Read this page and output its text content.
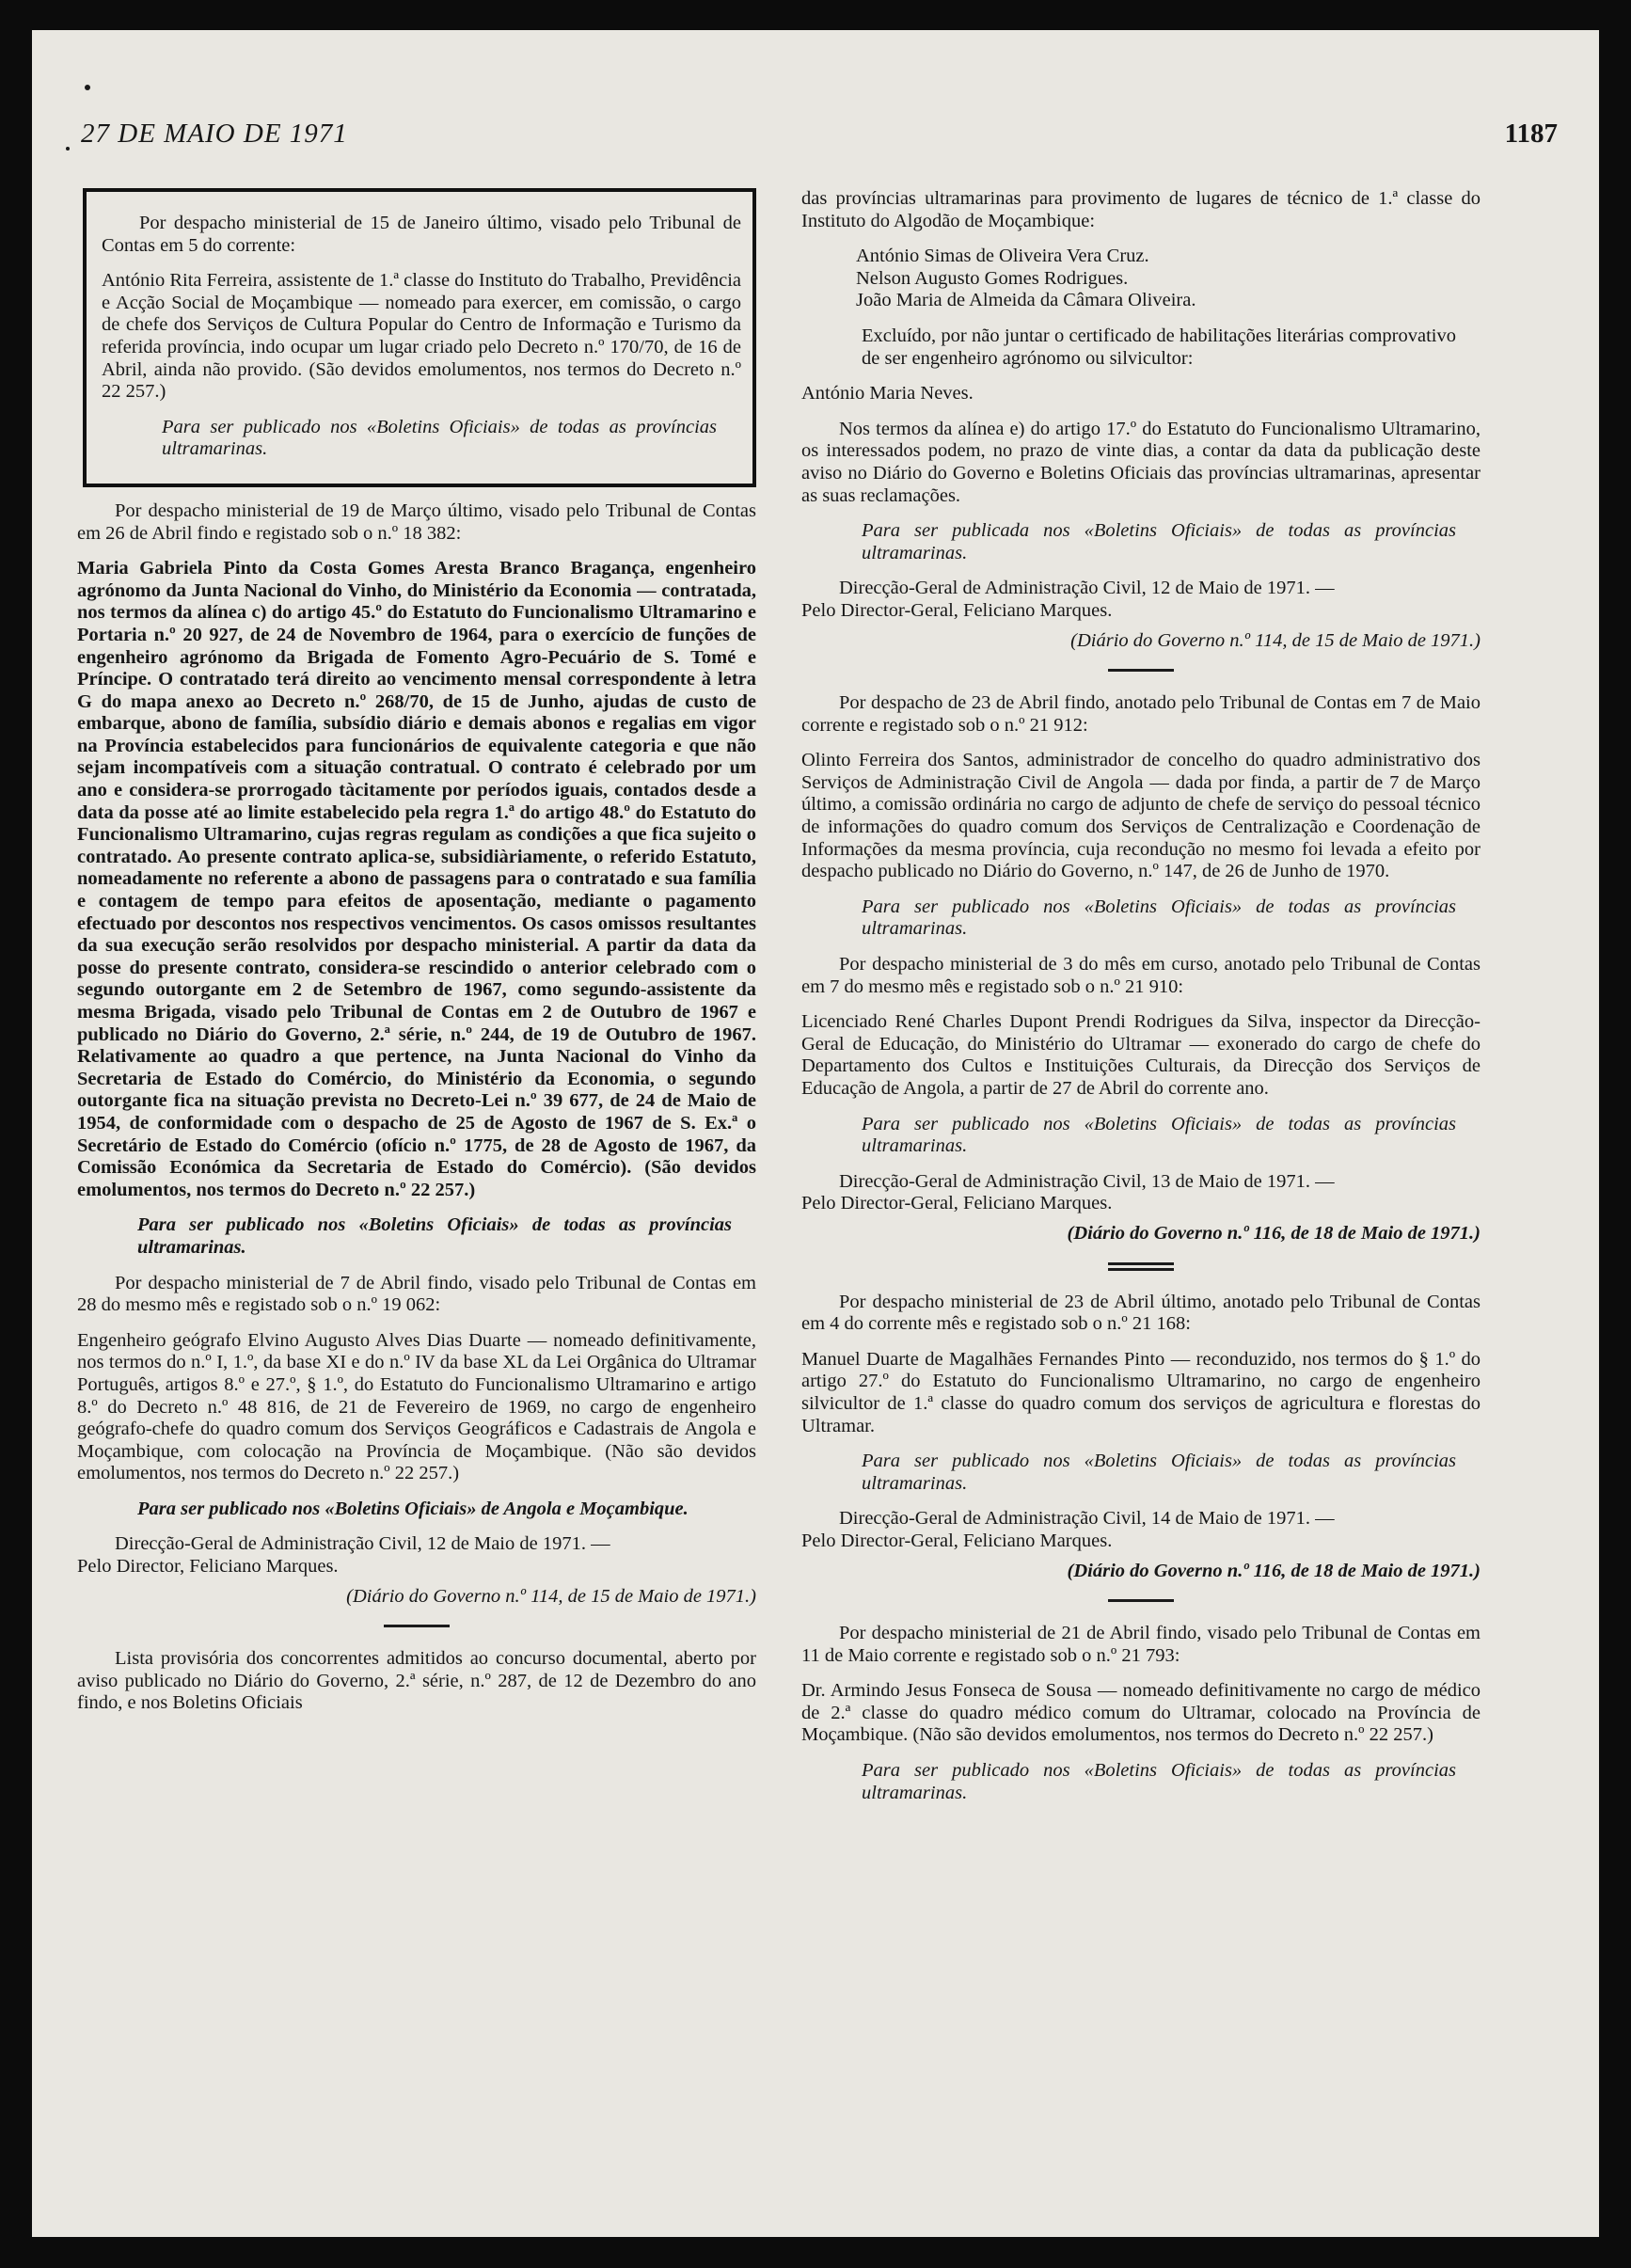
27 DE MAIO DE 1971	1187

Por despacho ministerial de 15 de Janeiro último, visado pelo Tribunal de Contas em 5 do corrente:

António Rita Ferreira, assistente de 1.ª classe do Instituto do Trabalho, Previdência e Acção Social de Moçambique — nomeado para exercer, em comissão, o cargo de chefe dos Serviços de Cultura Popular do Centro de Informação e Turismo da referida província, indo ocupar um lugar criado pelo Decreto n.º 170/70, de 16 de Abril, ainda não provido. (São devidos emolumentos, nos termos do Decreto n.º 22 257.)

Para ser publicado nos «Boletins Oficiais» de todas as províncias ultramarinas.

Por despacho ministerial de 19 de Março último, visado pelo Tribunal de Contas em 26 de Abril findo e registado sob o n.º 18 382:

Maria Gabriela Pinto da Costa Gomes Aresta Branco Bragança, engenheiro agrónomo da Junta Nacional do Vinho, do Ministério da Economia — contratada, nos termos da alínea c) do artigo 45.º do Estatuto do Funcionalismo Ultramarino e Portaria n.º 20 927, de 24 de Novembro de 1964, para o exercício de funções de engenheiro agrónomo da Brigada de Fomento Agro-Pecuário de S. Tomé e Príncipe. O contratado terá direito ao vencimento mensal correspondente à letra G do mapa anexo ao Decreto n.º 268/70, de 15 de Junho, ajudas de custo de embarque, abono de família, subsídio diário e demais abonos e regalias em vigor na Província estabelecidos para funcionários de equivalente categoria e que não sejam incompatíveis com a situação contratual. O contrato é celebrado por um ano e considera-se prorrogado tàcitamente por períodos iguais, contados desde a data da posse até ao limite estabelecido pela regra 1.ª do artigo 48.º do Estatuto do Funcionalismo Ultramarino, cujas regras regulam as condições a que fica sujeito o contratado. Ao presente contrato aplica-se, subsidiàriamente, o referido Estatuto, nomeadamente no referente a abono de passagens para o contratado e sua família e contagem de tempo para efeitos de aposentação, mediante o pagamento efectuado por descontos nos respectivos vencimentos. Os casos omissos resultantes da sua execução serão resolvidos por despacho ministerial. A partir da data da posse do presente contrato, considera-se rescindido o anterior celebrado com o segundo outorgante em 2 de Setembro de 1967, como segundo-assistente da mesma Brigada, visado pelo Tribunal de Contas em 2 de Outubro de 1967 e publicado no Diário do Governo, 2.ª série, n.º 244, de 19 de Outubro de 1967. Relativamente ao quadro a que pertence, na Junta Nacional do Vinho da Secretaria de Estado do Comércio, do Ministério da Economia, o segundo outorgante fica na situação prevista no Decreto-Lei n.º 39 677, de 24 de Maio de 1954, de conformidade com o despacho de 25 de Agosto de 1967 de S. Ex.ª o Secretário de Estado do Comércio (ofício n.º 1775, de 28 de Agosto de 1967, da Comissão Económica da Secretaria de Estado do Comércio). (São devidos emolumentos, nos termos do Decreto n.º 22 257.)

Para ser publicado nos «Boletins Oficiais» de todas as províncias ultramarinas.

Por despacho ministerial de 7 de Abril findo, visado pelo Tribunal de Contas em 28 do mesmo mês e registado sob o n.º 19 062:

Engenheiro geógrafo Elvino Augusto Alves Dias Duarte — nomeado definitivamente, nos termos do n.º I, 1.º, da base XI e do n.º IV da base XL da Lei Orgânica do Ultramar Português, artigos 8.º e 27.º, § 1.º, do Estatuto do Funcionalismo Ultramarino e artigo 8.º do Decreto n.º 48 816, de 21 de Fevereiro de 1969, no cargo de engenheiro geógrafo-chefe do quadro comum dos Serviços Geográficos e Cadastrais de Angola e Moçambique, com colocação na Província de Moçambique. (Não são devidos emolumentos, nos termos do Decreto n.º 22 257.)

Para ser publicado nos «Boletins Oficiais» de Angola e Moçambique.

Direcção-Geral de Administração Civil, 12 de Maio de 1971. —

Pelo Director, Feliciano Marques.

(Diário do Governo n.º 114, de 15 de Maio de 1971.)

Lista provisória dos concorrentes admitidos ao concurso documental, aberto por aviso publicado no Diário do Governo, 2.ª série, n.º 287, de 12 de Dezembro do ano findo, e nos Boletins Oficiais

das províncias ultramarinas para provimento de lugares de técnico de 1.ª classe do Instituto do Algodão de Moçambique:

António Simas de Oliveira Vera Cruz.

Nelson Augusto Gomes Rodrigues.

João Maria de Almeida da Câmara Oliveira.

Excluído, por não juntar o certificado de habilitações literárias comprovativo de ser engenheiro agrónomo ou silvicultor:

António Maria Neves.

Nos termos da alínea e) do artigo 17.º do Estatuto do Funcionalismo Ultramarino, os interessados podem, no prazo de vinte dias, a contar da data da publicação deste aviso no Diário do Governo e Boletins Oficiais das províncias ultramarinas, apresentar as suas reclamações.

Para ser publicada nos «Boletins Oficiais» de todas as províncias ultramarinas.

Direcção-Geral de Administração Civil, 12 de Maio de 1971. —

Pelo Director-Geral, Feliciano Marques.

(Diário do Governo n.º 114, de 15 de Maio de 1971.)

Por despacho de 23 de Abril findo, anotado pelo Tribunal de Contas em 7 de Maio corrente e registado sob o n.º 21 912:

Olinto Ferreira dos Santos, administrador de concelho do quadro administrativo dos Serviços de Administração Civil de Angola — dada por finda, a partir de 7 de Março último, a comissão ordinária no cargo de adjunto de chefe de serviço do pessoal técnico de informações do quadro comum dos Serviços de Centralização e Coordenação de Informações da mesma província, cuja recondução no mesmo foi levada a efeito por despacho publicado no Diário do Governo, n.º 147, de 26 de Junho de 1970.

Para ser publicado nos «Boletins Oficiais» de todas as províncias ultramarinas.

Por despacho ministerial de 3 do mês em curso, anotado pelo Tribunal de Contas em 7 do mesmo mês e registado sob o n.º 21 910:

Licenciado René Charles Dupont Prendi Rodrigues da Silva, inspector da Direcção-Geral de Educação, do Ministério do Ultramar — exonerado do cargo de chefe do Departamento dos Cultos e Instituições Culturais, da Direcção dos Serviços de Educação de Angola, a partir de 27 de Abril do corrente ano.

Para ser publicado nos «Boletins Oficiais» de todas as províncias ultramarinas.

Direcção-Geral de Administração Civil, 13 de Maio de 1971. —

Pelo Director-Geral, Feliciano Marques.

(Diário do Governo n.º 116, de 18 de Maio de 1971.)

Por despacho ministerial de 23 de Abril último, anotado pelo Tribunal de Contas em 4 do corrente mês e registado sob o n.º 21 168:

Manuel Duarte de Magalhães Fernandes Pinto — reconduzido, nos termos do § 1.º do artigo 27.º do Estatuto do Funcionalismo Ultramarino, no cargo de engenheiro silvicultor de 1.ª classe do quadro comum dos serviços de agricultura e florestas do Ultramar.

Para ser publicado nos «Boletins Oficiais» de todas as províncias ultramarinas.

Direcção-Geral de Administração Civil, 14 de Maio de 1971. —

Pelo Director-Geral, Feliciano Marques.

(Diário do Governo n.º 116, de 18 de Maio de 1971.)

Por despacho ministerial de 21 de Abril findo, visado pelo Tribunal de Contas em 11 de Maio corrente e registado sob o n.º 21 793:

Dr. Armindo Jesus Fonseca de Sousa — nomeado definitivamente no cargo de médico de 2.ª classe do quadro médico comum do Ultramar, colocado na Província de Moçambique. (Não são devidos emolumentos, nos termos do Decreto n.º 22 257.)

Para ser publicado nos «Boletins Oficiais» de todas as províncias ultramarinas.
